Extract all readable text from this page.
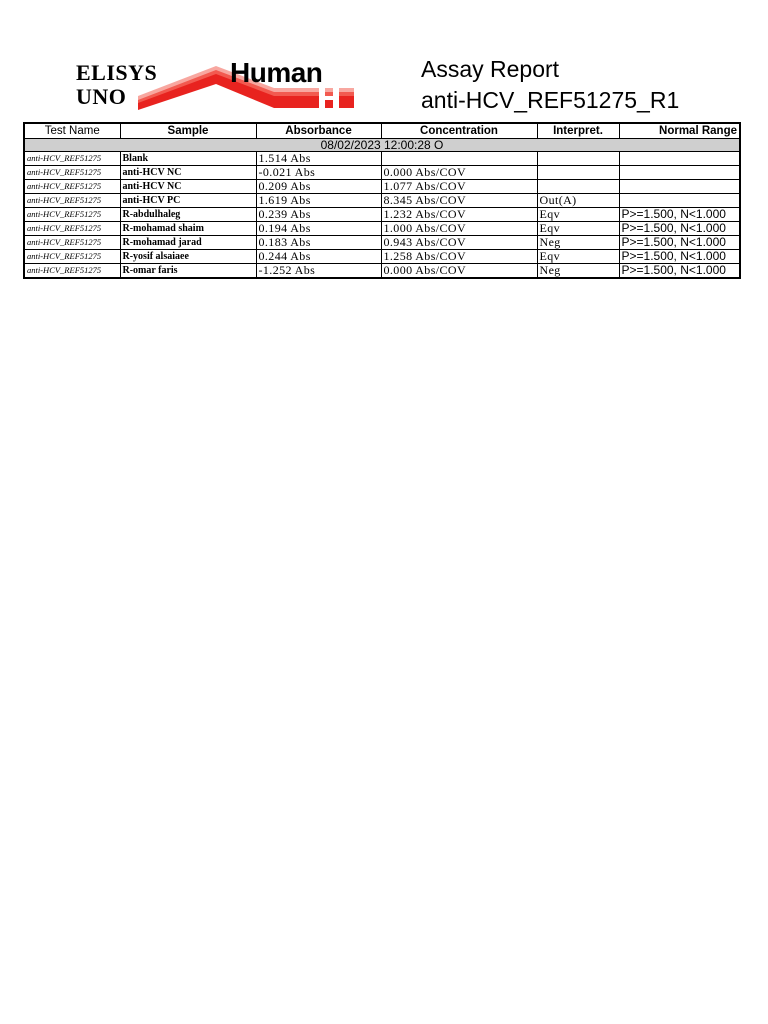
ELISYS
UNO
Human	Assay Report
anti-HCV_REF51275_R1
Test Name	Sample	Absorbance	Concentration	Interpret.	Normal Range
08/02/2023 12:00:28 O					
anti-HCV_REF51275	Blank	1.514 Abs			
anti-HCV_REF51275	anti-HCV NC	-0.021 Abs	0.000 Abs/COV		
anti-HCV_REF51275	anti-HCV NC	0.209 Abs	1.077 Abs/COV		
anti-HCV_REF51275	anti-HCV PC	1.619 Abs	8.345 Abs/COV	Out(A)	
anti-HCV_REF51275	R-abdulhaleg	0.239 Abs	1.232 Abs/COV	Eqv	P>=1.500, N<1.000
anti-HCV_REF51275	R-mohamad shaim	0.194 Abs	1.000 Abs/COV	Eqv	P>=1.500, N<1.000
anti-HCV_REF51275	R-mohamad jarad	0.183 Abs	0.943 Abs/COV	Neg	P>=1.500, N<1.000
anti-HCV_REF51275	R-yosif alsaiaee	0.244 Abs	1.258 Abs/COV	Eqv	P>=1.500, N<1.000
anti-HCV_REF51275	R-omar faris	-1.252 Abs	0.000 Abs/COV	Neg	P>=1.500, N<1.000
